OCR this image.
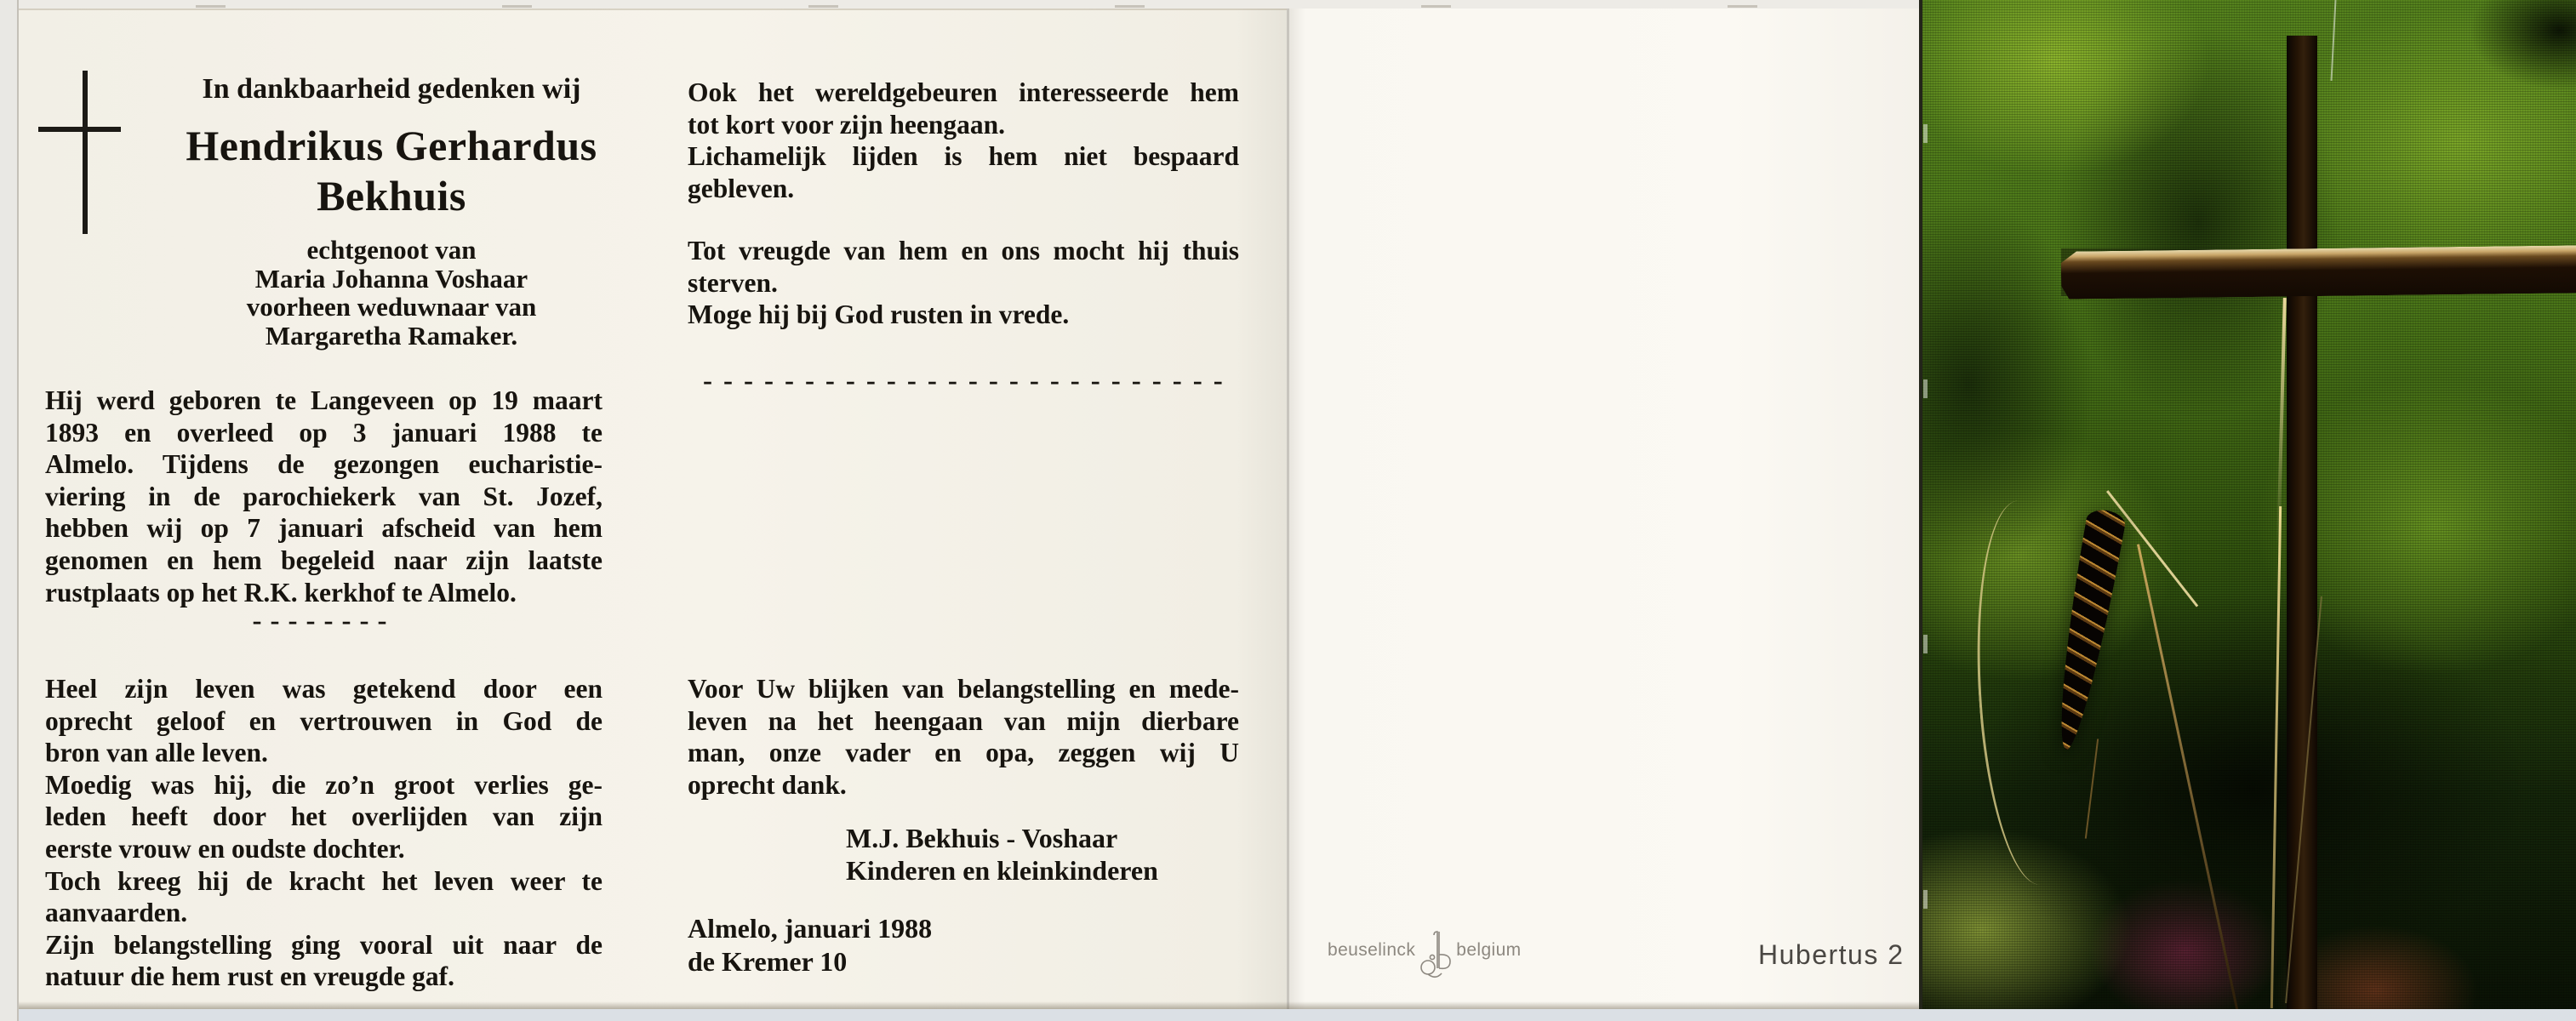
In dankbaarheid gedenken wij
Hendrikus Gerhardus
Bekhuis
echtgenoot van
Maria Johanna Voshaar
voorheen weduwnaar van
Margaretha Ramaker.
Hij werd geboren te Langeveen op 19 maart
1893 en overleed op 3 januari 1988 te
Almelo. Tijdens de gezongen eucharistie-
viering in de parochiekerk van St. Jozef,
hebben wij op 7 januari afscheid van hem
genomen en hem begeleid naar zijn laatste
rustplaats op het R.K. kerkhof te Almelo.
--------
Heel zijn leven was getekend door een
oprecht geloof en vertrouwen in God de
bron van alle leven.
Moedig was hij, die zo’n groot verlies ge-
leden heeft door het overlijden van zijn
eerste vrouw en oudste dochter.
Toch kreeg hij de kracht het leven weer te
aanvaarden.
Zijn belangstelling ging vooral uit naar de
natuur die hem rust en vreugde gaf.
Ook het wereldgebeuren interesseerde hem
tot kort voor zijn heengaan.
Lichamelijk lijden is hem niet bespaard
gebleven.
Tot vreugde van hem en ons mocht hij thuis
sterven.
Moge hij bij God rusten in vrede.
--------------------------
Voor Uw blijken van belangstelling en mede-
leven na het heengaan van mijn dierbare
man, onze vader en opa, zeggen wij U
oprecht dank.
M.J. Bekhuis - Voshaar
Kinderen en kleinkinderen
Almelo, januari 1988
de Kremer 10	beuselinck belgium	Hubertus 2
